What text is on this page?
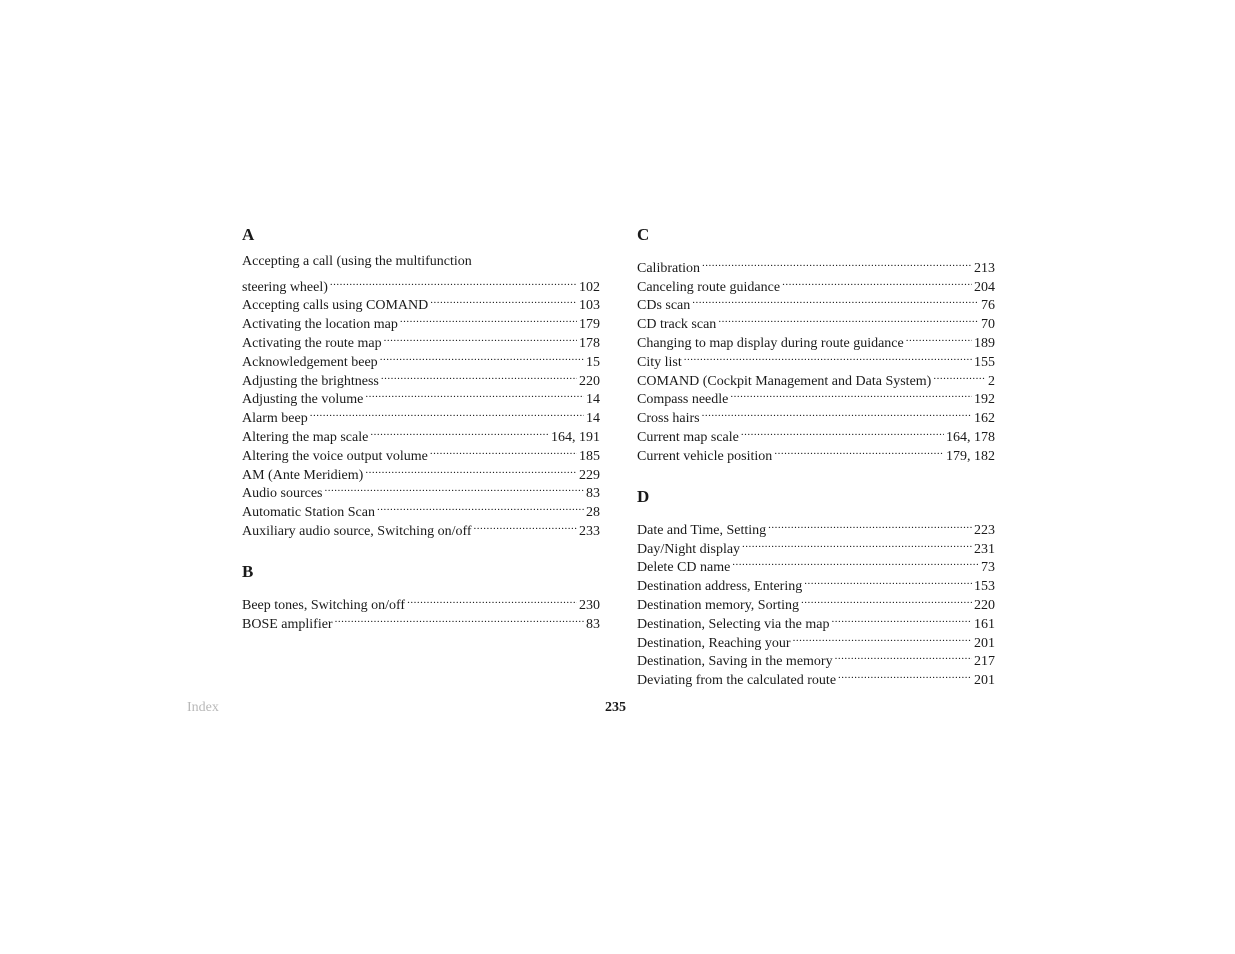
A
Accepting a call (using the multifunction
steering wheel) .....	102
Accepting calls using COMAND .....	103
Activating the location map .....	179
Activating the route map .....	178
Acknowledgement beep .....	15
Adjusting the brightness .....	220
Adjusting the volume .....	14
Alarm beep .....	14
Altering the map scale .....	164, 191
Altering the voice output volume .....	185
AM (Ante Meridiem) .....	229
Audio sources .....	83
Automatic Station Scan .....	28
Auxiliary audio source, Switching on/off .....	233
B
Beep tones, Switching on/off .....	230
BOSE amplifier .....	83
C
Calibration .....	213
Canceling route guidance .....	204
CDs scan .....	76
CD track scan .....	70
Changing to map display during route guidance .....	189
City list .....	155
COMAND (Cockpit Management and Data System) .....	2
Compass needle .....	192
Cross hairs .....	162
Current map scale .....	164, 178
Current vehicle position .....	179, 182
D
Date and Time, Setting .....	223
Day/Night display .....	231
Delete CD name .....	73
Destination address, Entering .....	153
Destination memory, Sorting .....	220
Destination, Selecting via the map .....	161
Destination, Reaching your .....	201
Destination, Saving in the memory .....	217
Deviating from the calculated route .....	201
Index	235
